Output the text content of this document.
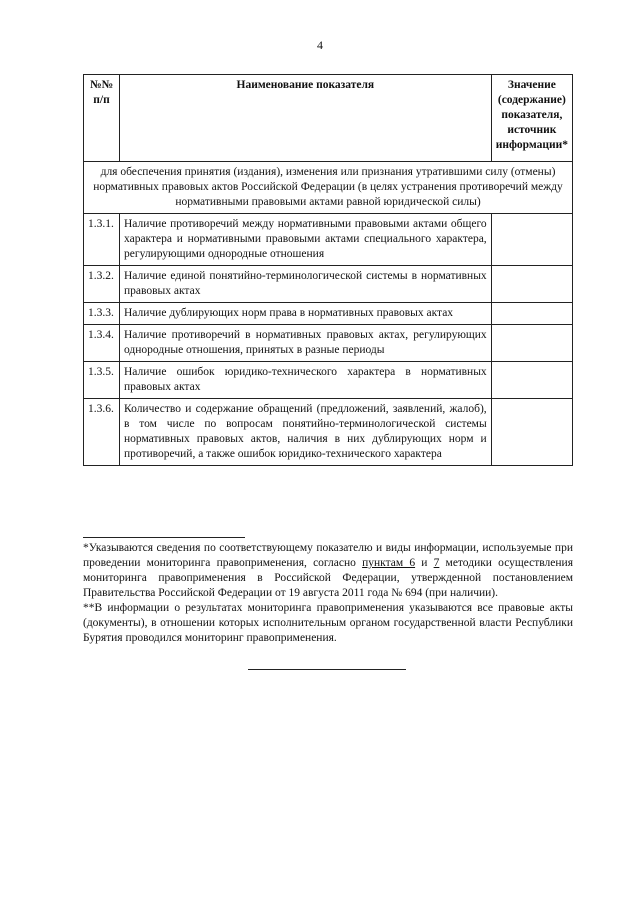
4
№№ п/п	Наименование показателя	Значение (содержание) показателя, источник информации*
для обеспечения принятия (издания), изменения или признания утратившими силу (отмены) нормативных правовых актов Российской Федерации (в целях устранения противоречий между нормативными правовыми актами равной юридической силы)		
1.3.1.	Наличие противоречий между нормативными правовыми актами общего характера и нормативными правовыми актами специального характера, регулирующими однородные отношения	
1.3.2.	Наличие единой понятийно-терминологической системы в нормативных правовых актах	
1.3.3.	Наличие дублирующих норм права в нормативных правовых актах	
1.3.4.	Наличие противоречий в нормативных правовых актах, регулирующих однородные отношения, принятых в разные периоды	
1.3.5.	Наличие ошибок юридико-технического характера в нормативных правовых актах	
1.3.6.	Количество и содержание обращений (предложений, заявлений, жалоб), в том числе по вопросам понятийно-терминологической системы нормативных правовых актов, наличия в них дублирующих норм и противоречий, а также ошибок юридико-технического характера	

*Указываются сведения по соответствующему показателю и виды информации, используемые при проведении мониторинга правоприменения, согласно пунктам 6 и 7 методики осуществления мониторинга правоприменения в Российской Федерации, утвержденной постановлением Правительства Российской Федерации от 19 августа 2011 года № 694 (при наличии).

**В информации о результатах мониторинга правоприменения указываются все правовые акты (документы), в отношении которых исполнительным органом государственной власти Республики Бурятия проводился мониторинг правоприменения.
